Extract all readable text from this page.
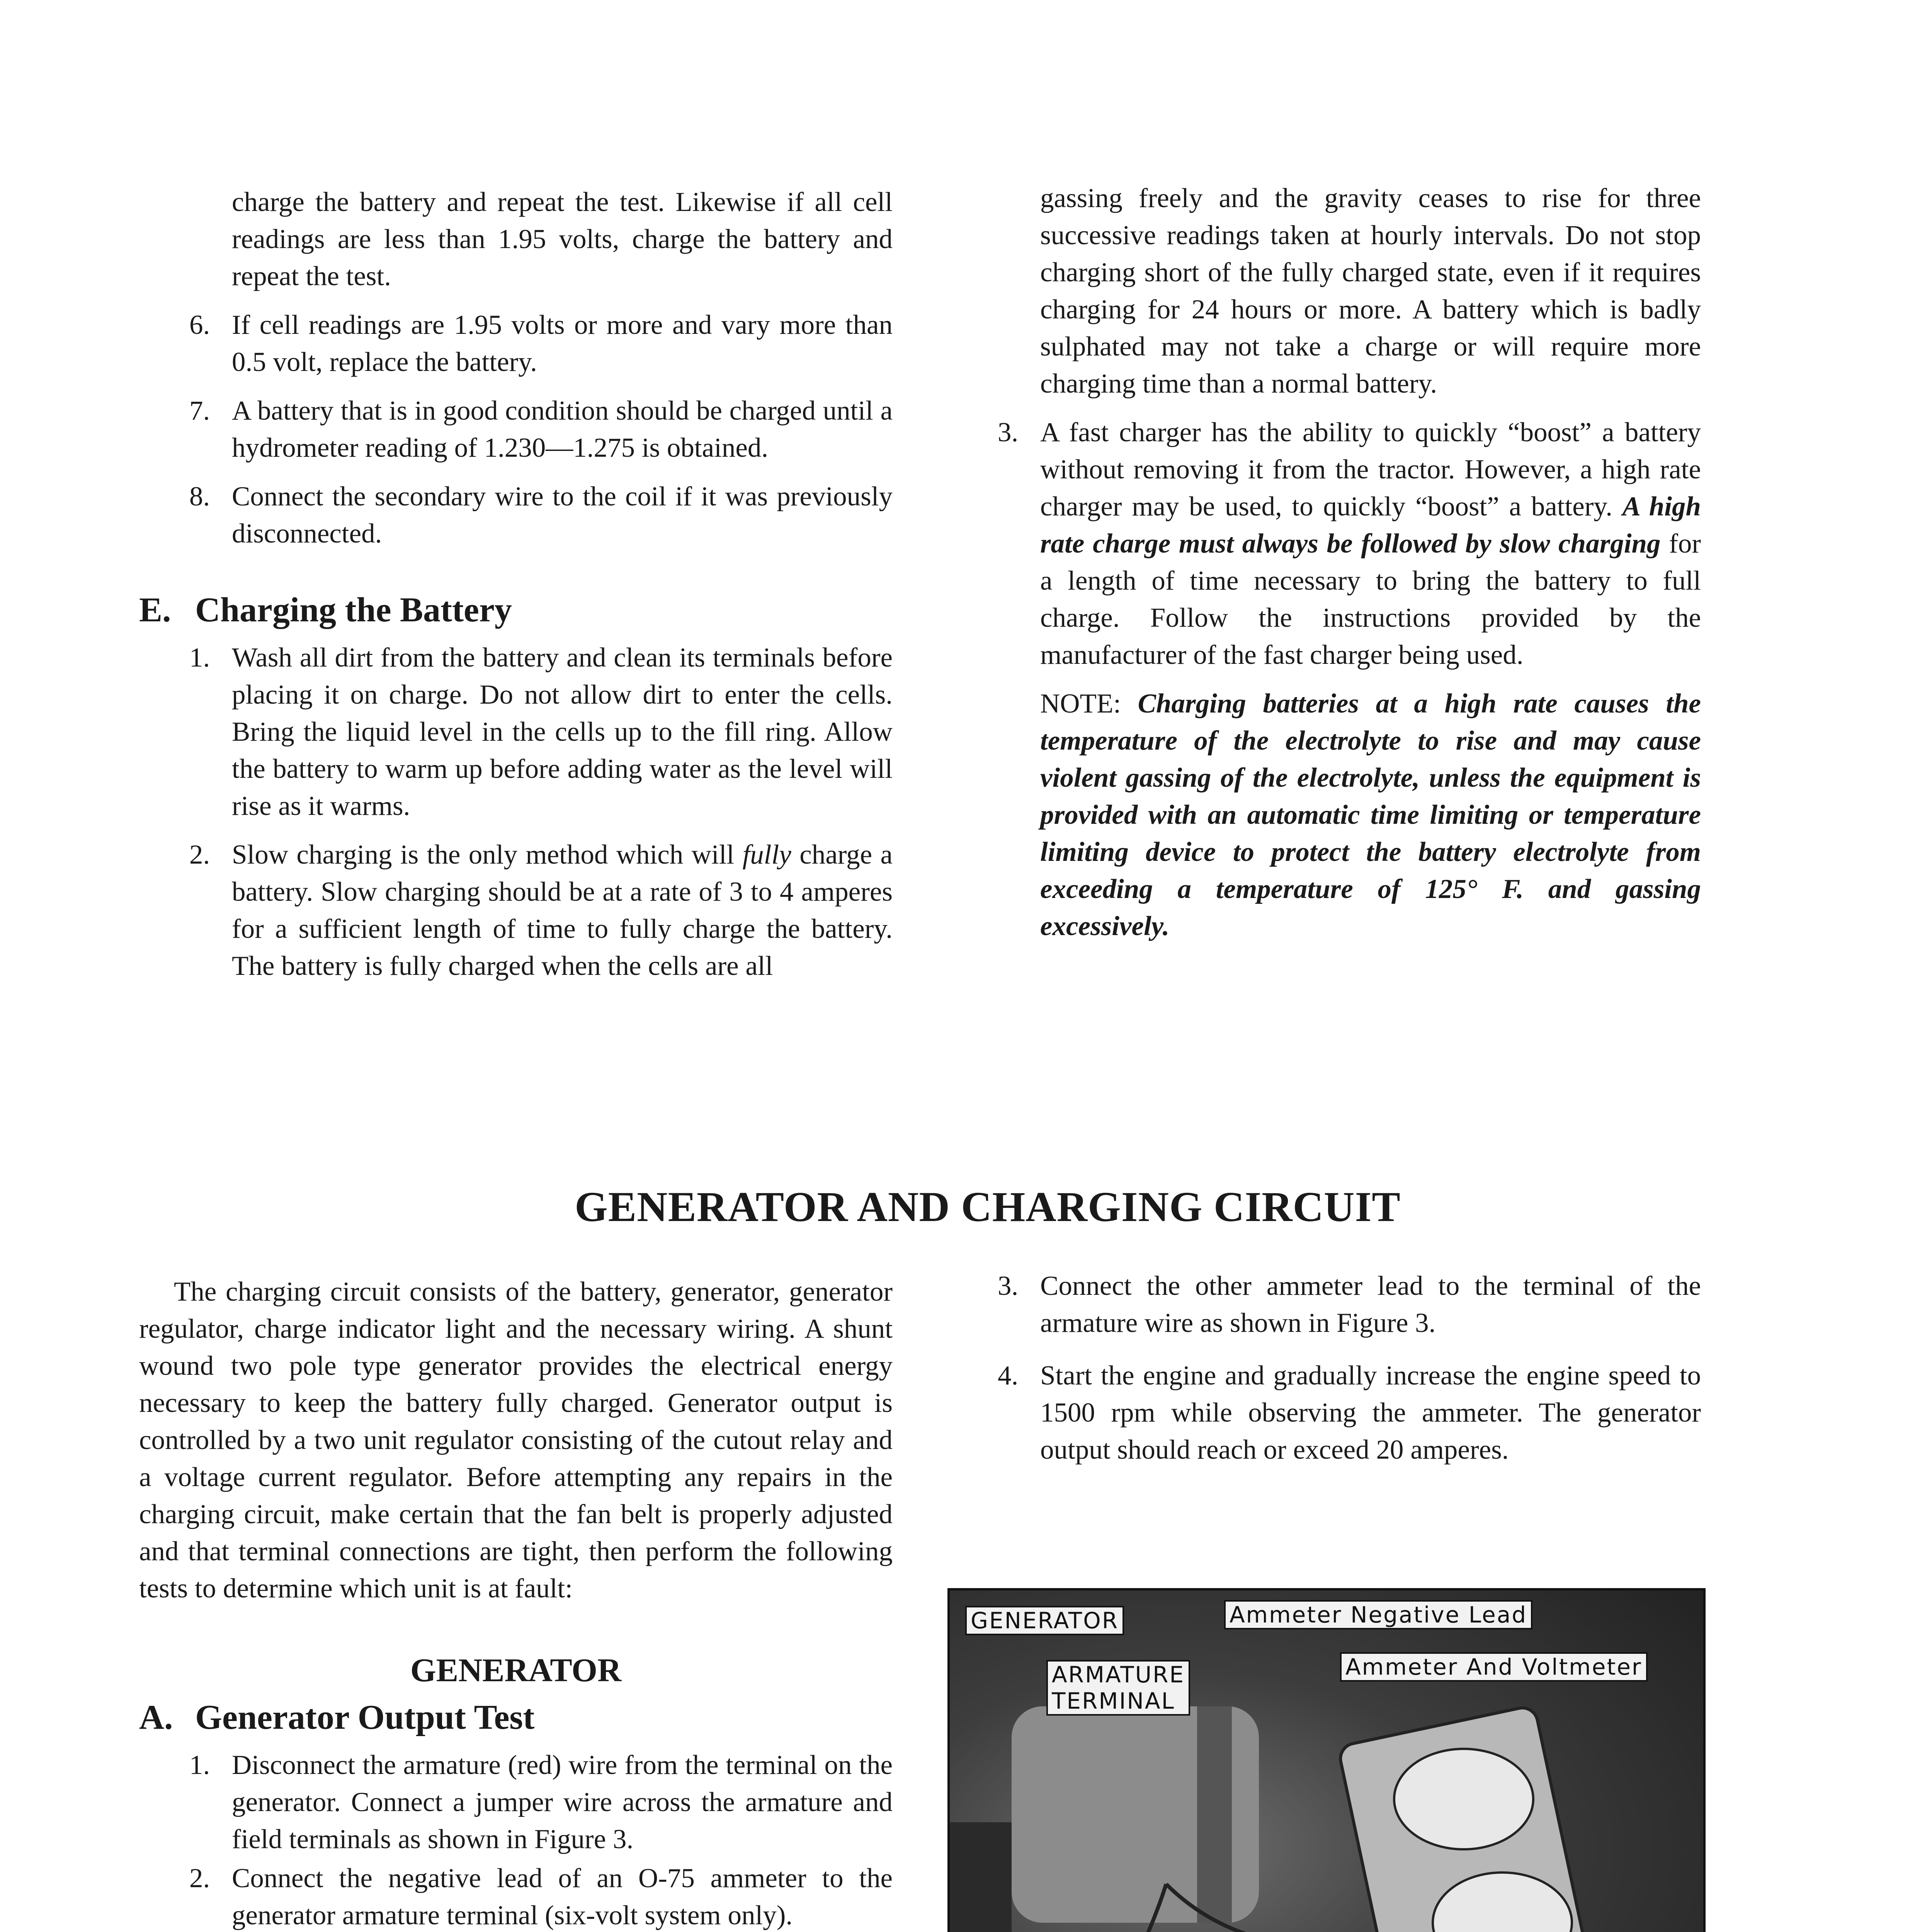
charge the battery and repeat the test. Likewise if all cell readings are less than 1.95 volts, charge the battery and repeat the test.

6. If cell readings are 1.95 volts or more and vary more than 0.5 volt, replace the battery.

7. A battery that is in good condition should be charged until a hydrometer reading of 1.230—1.275 is obtained.

8. Connect the secondary wire to the coil if it was previously disconnected.

E. Charging the Battery

1. Wash all dirt from the battery and clean its terminals before placing it on charge. Do not allow dirt to enter the cells. Bring the liquid level in the cells up to the fill ring. Allow the battery to warm up before adding water as the level will rise as it warms.

2. Slow charging is the only method which will fully charge a battery. Slow charging should be at a rate of 3 to 4 amperes for a sufficient length of time to fully charge the battery. The battery is fully charged when the cells are all

gassing freely and the gravity ceases to rise for three successive readings taken at hourly intervals. Do not stop charging short of the fully charged state, even if it requires charging for 24 hours or more. A battery which is badly sulphated may not take a charge or will require more charging time than a normal battery.

3. A fast charger has the ability to quickly “boost” a battery without removing it from the tractor. However, a high rate charger may be used, to quickly “boost” a battery. A high rate charge must always be followed by slow charging for a length of time necessary to bring the battery to full charge. Follow the instructions provided by the manufacturer of the fast charger being used.

NOTE: Charging batteries at a high rate causes the temperature of the electrolyte to rise and may cause violent gassing of the electrolyte, unless the equipment is provided with an automatic time limiting or temperature limiting device to protect the battery electrolyte from exceeding a temperature of 125° F. and gassing excessively.

GENERATOR AND CHARGING CIRCUIT

The charging circuit consists of the battery, generator, generator regulator, charge indicator light and the necessary wiring. A shunt wound two pole type generator provides the electrical energy necessary to keep the battery fully charged. Generator output is controlled by a two unit regulator consisting of the cutout relay and a voltage current regulator. Before attempting any repairs in the charging circuit, make certain that the fan belt is properly adjusted and that terminal connections are tight, then perform the following tests to determine which unit is at fault:

GENERATOR

A. Generator Output Test

1. Disconnect the armature (red) wire from the terminal on the generator. Connect a jumper wire across the armature and field terminals as shown in Figure 3.

2. Connect the negative lead of an O-75 ammeter to the generator armature terminal (six-volt system only).

3. Connect the other ammeter lead to the terminal of the armature wire as shown in Figure 3.

4. Start the engine and gradually increase the engine speed to 1500 rpm while observing the ammeter. The generator output should reach or exceed 20 amperes.

GENERATOR	Ammeter Negative Lead
ARMATURE
TERMINAL
Ammeter And Voltmeter
